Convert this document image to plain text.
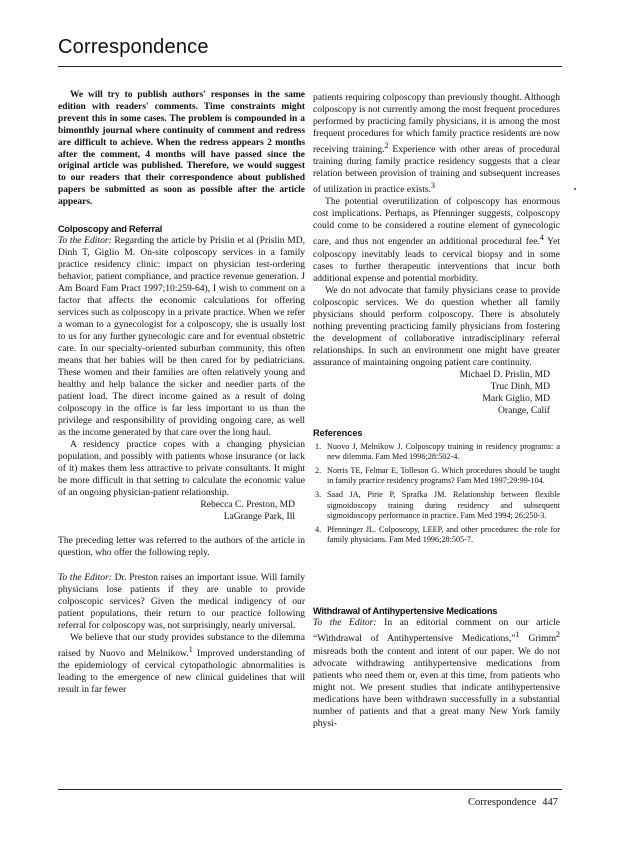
Correspondence

We will try to publish authors' responses in the same edition with readers' comments. Time constraints might prevent this in some cases. The problem is compounded in a bimonthly journal where continuity of comment and redress are difficult to achieve. When the redress appears 2 months after the comment, 4 months will have passed since the original article was published. Therefore, we would suggest to our readers that their correspondence about published papers be submitted as soon as possible after the article appears.

Colposcopy and Referral

To the Editor: Regarding the article by Prislin et al (Prislin MD, Dinh T, Giglio M. On-site colposcopy services in a family practice residency clinic: impact on physician test-ordering behavior, patient compliance, and practice revenue generation. J Am Board Fam Pract 1997;10:259-64), I wish to comment on a factor that affects the economic calculations for offering services such as colposcopy in a private practice. When we refer a woman to a gynecologist for a colposcopy, she is usually lost to us for any further gynecologic care and for eventual obstetric care. In our specialty-oriented suburban community, this often means that her babies will be then cared for by pediatricians. These women and their families are often relatively young and healthy and help balance the sicker and needier parts of the patient load. The direct income gained as a result of doing colposcopy in the office is far less important to us than the privilege and responsibility of providing ongoing care, as well as the income generated by that care over the long haul.

A residency practice copes with a changing physician population, and possibly with patients whose insurance (or lack of it) makes them less attractive to private consultants. It might be more difficult in that setting to calculate the economic value of an ongoing physician-patient relationship.

Rebecca C. Preston, MD
LaGrange Park, Ill

The preceding letter was referred to the authors of the article in question, who offer the following reply.

To the Editor: Dr. Preston raises an important issue. Will family physicians lose patients if they are unable to provide colposcopic services? Given the medical indigency of our patient populations, their return to our practice following referral for colposcopy was, not surprisingly, nearly universal.

We believe that our study provides substance to the dilemma raised by Nuovo and Melnikow.$^1$ Improved understanding of the epidemiology of cervical cytopathologic abnormalities is leading to the emergence of new clinical guidelines that will result in far fewer

patients requiring colposcopy than previously thought. Although colposcopy is not currently among the most frequent procedures performed by practicing family physicians, it is among the most frequent procedures for which family practice residents are now receiving training.$^2$ Experience with other areas of procedural training during family practice residency suggests that a clear relation between provision of training and subsequent increases of utilization in practice exists.$^3$

The potential overutilization of colposcopy has enormous cost implications. Perhaps, as Pfenninger suggests, colposcopy could come to be considered a routine element of gynecologic care, and thus not engender an additional procedural fee.$^4$ Yet colposcopy inevitably leads to cervical biopsy and in some cases to further therapeutic interventions that incur both additional expense and potential morbidity.

We do not advocate that family physicians cease to provide colposcopic services. We do question whether all family physicians should perform colposcopy. There is absolutely nothing preventing practicing family physicians from fostering the development of collaborative intradisciplinary referral relationships. In such an environment one might have greater assurance of maintaining ongoing patient care continuity.

Michael D. Prislin, MD
Truc Dinh, MD
Mark Giglio, MD
Orange, Calif
References
1. Nuovo J, Melnikow J. Colposcopy training in residency programs: a new dilemma. Fam Med 1996;28:502-4.
2. Norris TE, Felmar E, Tolleson G. Which procedures should be taught in family practice residency programs? Fam Med 1997;29:99-104.
3. Saad JA, Pirie P, Sprafka JM. Relationship between flexible sigmoidoscopy training during residency and subsequent sigmoidoscopy performance in practice. Fam Med 1994; 26;250-3.
4. Pfenninger JL. Colposcopy, LEEP, and other procedures: the role for family physicians. Fam Med 1996;28:505-7.
Withdrawal of Antihypertensive Medications

To the Editor: In an editorial comment on our article “Withdrawal of Antihypertensive Medications,”$^1$ Grimm$^2$ misreads both the content and intent of our paper. We do not advocate withdrawing antihypertensive medications from patients who need them or, even at this time, from patients who might not. We present studies that indicate antihypertensive medications have been withdrawn successfully in a substantial number of patients and that a great many New York family physi-

Correspondence 447
